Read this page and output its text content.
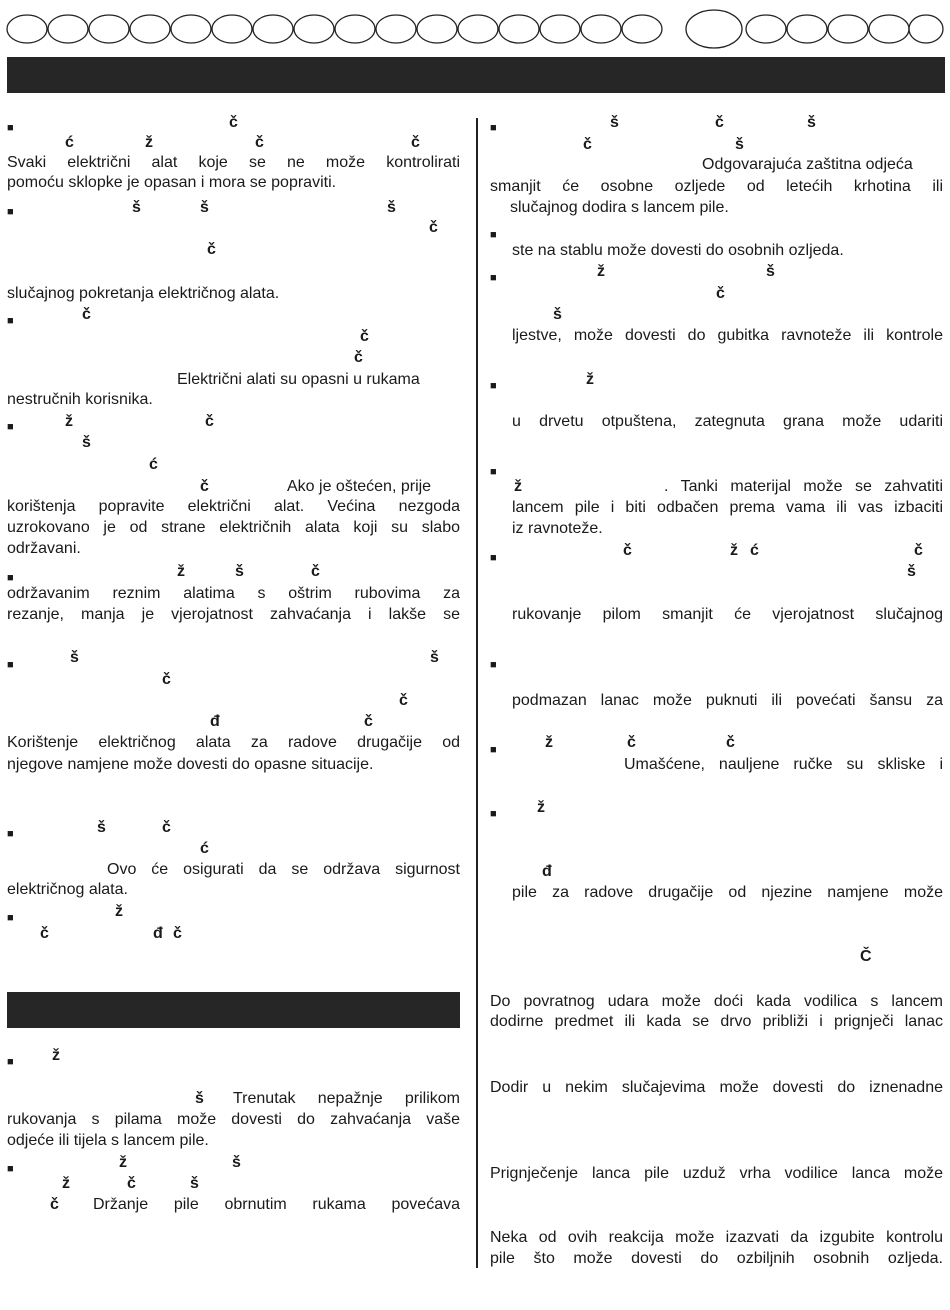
■	č
ć	ž	č	č
Svaki električni alat koje se ne može kontrolirati
pomoću sklopke je opasan i mora se popraviti.
■	š	š	š
č
č
slučajnog pokretanja električnog alata.
■	č
č
č
Električni alati su opasni u rukama
nestručnih korisnika.
■	ž	č
š
ć
č	Ako je oštećen, prije
korištenja popravite električni alat. Većina nezgoda
uzrokovano je od strane električnih alata koji su slabo
održavani.
■	ž	š	č
održavanim reznim alatima s oštrim rubovima za
rezanje, manja je vjerojatnost zahvaćanja i lakše se
■	š	š
č
č
đ	č
Korištenje električnog alata za radove drugačije od
njegove namjene može dovesti do opasne situacije.
■	š	č
ć
Ovo će osigurati da se održava sigurnost
električnog alata.
■	ž
č	đ č
■ ž
š Trenutak nepažnje prilikom
rukovanja s pilama može dovesti do zahvaćanja vaše
odjeće ili tijela s lancem pile.
■	ž	š
ž	č	š
č Držanje pile obrnutim rukama povećava
■	š	č	š
č	š
Odgovarajuća zaštitna odjeća
smanjit će osobne ozljede od letećih krhotina ili
slučajnog dodira s lancem pile.
■
ste na stablu može dovesti do osobnih ozljeda.
■	ž	š
č
š
ljestve, može dovesti do gubitka ravnoteže ili kontrole
■	ž
u drvetu otpuštena, zategnuta grana može udariti
■
ž	. Tanki materijal može se zahvatiti
lancem pile i biti odbačen prema vama ili vas izbaciti
iz ravnoteže.
■	č	ž ć	č
š
rukovanje pilom smanjit će vjerojatnost slučajnog
■
podmazan lanac može puknuti ili povećati šansu za
■	ž	č	č
Umašćene, nauljene ručke su skliske i
■	ž
đ
pile za radove drugačije od njezine namjene može
Č
Do povratnog udara može doći kada vodilica s lancem
dodirne predmet ili kada se drvo približi i prignječi lanac
Dodir u nekim slučajevima može dovesti do iznenadne
Prignječenje lanca pile uzduž vrha vodilice lanca može
Neka od ovih reakcija može izazvati da izgubite kontrolu
pile što može dovesti do ozbiljnih osobnih ozljeda.
